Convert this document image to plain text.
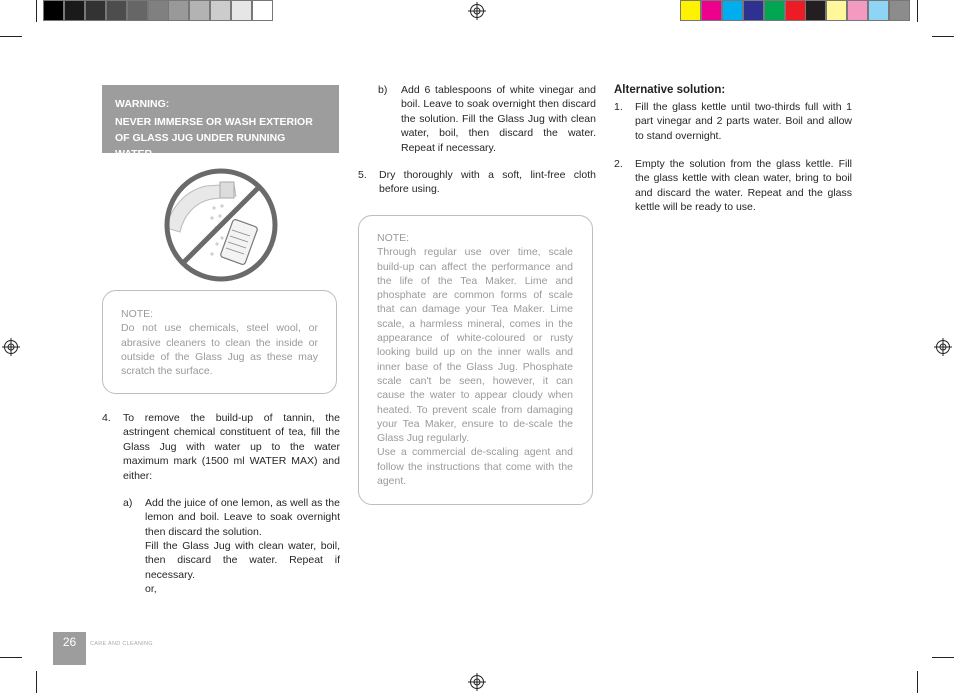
WARNING:
NEVER IMMERSE OR WASH EXTERIOR OF GLASS JUG UNDER RUNNING WATER.
NOTE:
Do not use chemicals, steel wool, or abrasive cleaners to clean the inside or outside of the Glass Jug as these may scratch the surface.
4. To remove the build-up of tannin, the astringent chemical constituent of tea, fill the Glass Jug with water up to the water maximum mark (1500 ml WATER MAX) and either:
a) Add the juice of one lemon, as well as the lemon and boil. Leave to soak overnight then discard the solution.
Fill the Glass Jug with clean water, boil, then discard the water. Repeat if necessary.
or,
b) Add 6 tablespoons of white vinegar and boil. Leave to soak overnight then discard the solution. Fill the Glass Jug with clean water, boil, then discard the water. Repeat if necessary.
5. Dry thoroughly with a soft, lint-free cloth before using.
NOTE:
Through regular use over time, scale build-up can affect the performance and the life of the Tea Maker. Lime and phosphate are common forms of scale that can damage your Tea Maker. Lime scale, a harmless mineral, comes in the appearance of white-coloured or rusty looking build up on the inner walls and inner base of the Glass Jug. Phosphate scale can't be seen, however, it can cause the water to appear cloudy when heated. To prevent scale from damaging your Tea Maker, ensure to de-scale the Glass Jug regularly.
Use a commercial de-scaling agent and follow the instructions that come with the agent.
Alternative solution:
1. Fill the glass kettle until two-thirds full with 1 part vinegar and 2 parts water. Boil and allow to stand overnight.
2. Empty the solution from the glass kettle. Fill the glass kettle with clean water, bring to boil and discard the water. Repeat and the glass kettle will be ready to use.
26	CARE AND CLEANING
